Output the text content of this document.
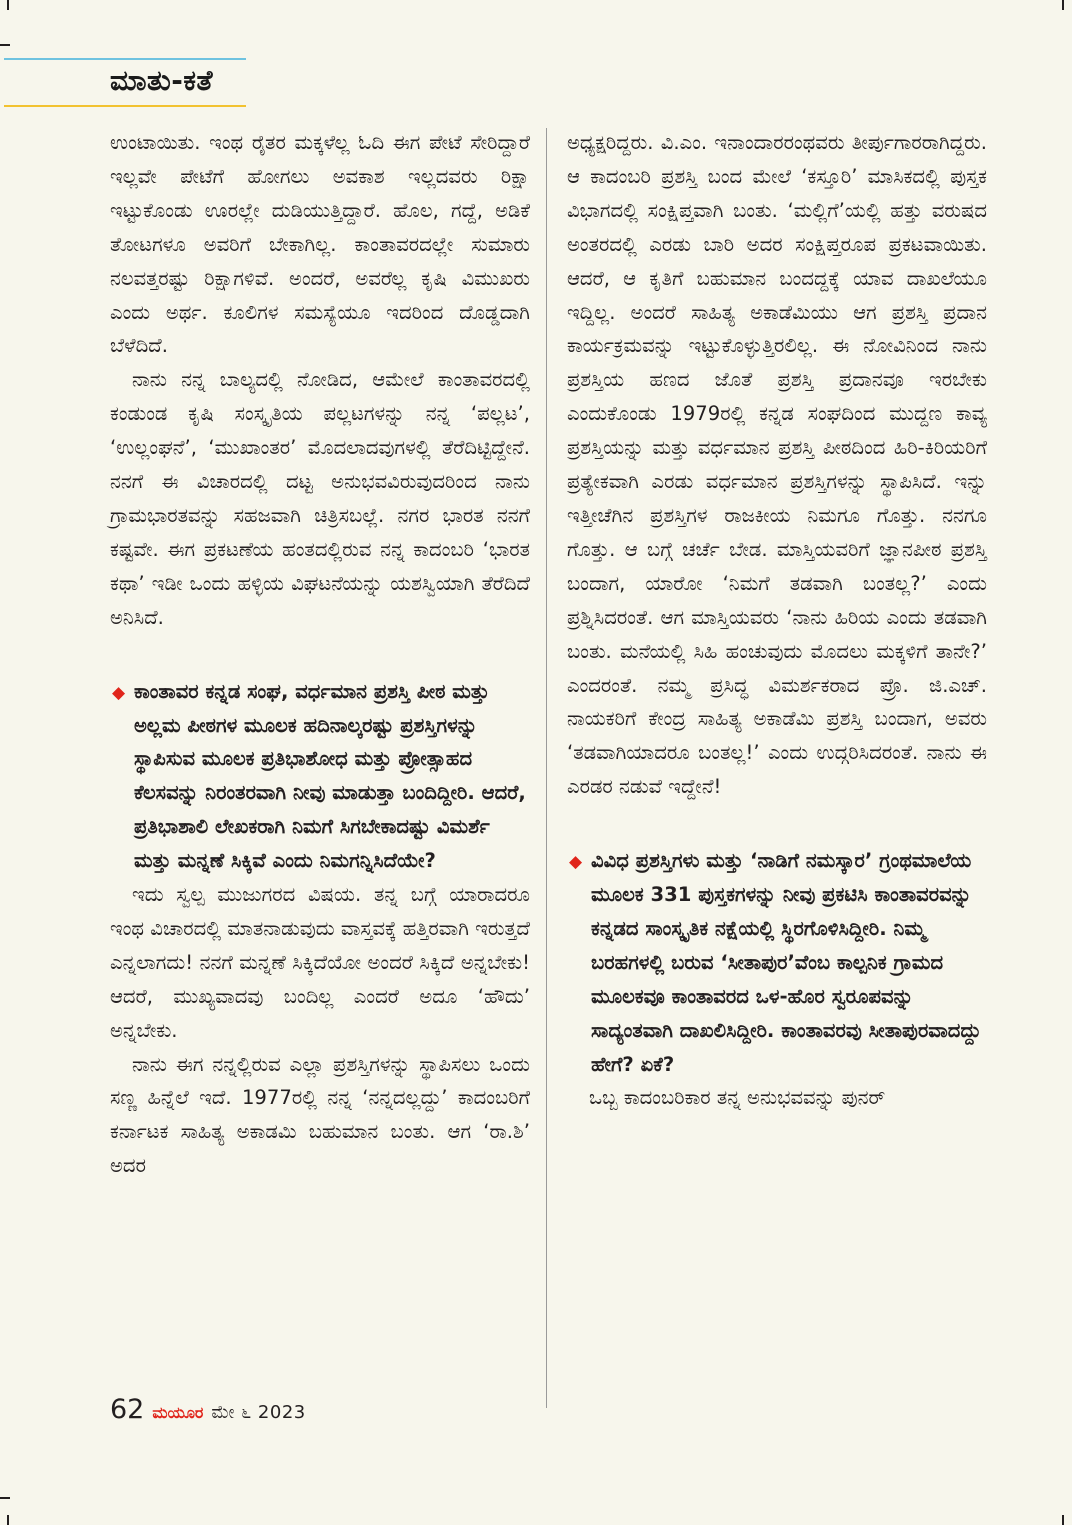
ಮಾತು-ಕತೆ

ಉಂಟಾಯಿತು. ಇಂಥ ರೈತರ ಮಕ್ಕಳೆಲ್ಲ ಓದಿ ಈಗ ಪೇಟೆ ಸೇರಿದ್ದಾರೆ ಇಲ್ಲವೇ ಪೇಟೆಗೆ ಹೋಗಲು ಅವಕಾಶ ಇಲ್ಲದವರು ರಿಕ್ಷಾ ಇಟ್ಟುಕೊಂಡು ಊರಲ್ಲೇ ದುಡಿಯುತ್ತಿದ್ದಾರೆ. ಹೊಲ, ಗದ್ದೆ, ಅಡಿಕೆ ತೋಟಗಳೂ ಅವರಿಗೆ ಬೇಕಾಗಿಲ್ಲ. ಕಾಂತಾವರದಲ್ಲೇ ಸುಮಾರು ನಲವತ್ತರಷ್ಟು ರಿಕ್ಷಾಗಳಿವೆ. ಅಂದರೆ, ಅವರೆಲ್ಲ ಕೃಷಿ ವಿಮುಖರು ಎಂದು ಅರ್ಥ. ಕೂಲಿಗಳ ಸಮಸ್ಯೆಯೂ ಇದರಿಂದ ದೊಡ್ಡದಾಗಿ ಬೆಳೆದಿದೆ.

ನಾನು ನನ್ನ ಬಾಲ್ಯದಲ್ಲಿ ನೋಡಿದ, ಆಮೇಲೆ ಕಾಂತಾವರದಲ್ಲಿ ಕಂಡುಂಡ ಕೃಷಿ ಸಂಸ್ಕೃತಿಯ ಪಲ್ಲಟಗಳನ್ನು ನನ್ನ ‘ಪಲ್ಲಟ’, ‘ಉಲ್ಲಂಘನೆ’, ‘ಮುಖಾಂತರ’ ಮೊದಲಾದವುಗಳಲ್ಲಿ ತೆರೆದಿಟ್ಟಿದ್ದೇನೆ. ನನಗೆ ಈ ವಿಚಾರದಲ್ಲಿ ದಟ್ಟ ಅನುಭವವಿರುವುದರಿಂದ ನಾನು ಗ್ರಾಮಭಾರತವನ್ನು ಸಹಜವಾಗಿ ಚಿತ್ರಿಸಬಲ್ಲೆ. ನಗರ ಭಾರತ ನನಗೆ ಕಷ್ಟವೇ. ಈಗ ಪ್ರಕಟಣೆಯ ಹಂತದಲ್ಲಿರುವ ನನ್ನ ಕಾದಂಬರಿ ‘ಭಾರತ ಕಥಾ’ ಇಡೀ ಒಂದು ಹಳ್ಳಿಯ ವಿಘಟನೆಯನ್ನು ಯಶಸ್ವಿಯಾಗಿ ತೆರೆದಿದೆ ಅನಿಸಿದೆ.

◆ ಕಾಂತಾವರ ಕನ್ನಡ ಸಂಘ, ವರ್ಧಮಾನ ಪ್ರಶಸ್ತಿ ಪೀಠ ಮತ್ತು ಅಲ್ಲಮ ಪೀಠಗಳ ಮೂಲಕ ಹದಿನಾಲ್ಕರಷ್ಟು ಪ್ರಶಸ್ತಿಗಳನ್ನು ಸ್ಥಾಪಿಸುವ ಮೂಲಕ ಪ್ರತಿಭಾಶೋಧ ಮತ್ತು ಪ್ರೋತ್ಸಾಹದ ಕೆಲಸವನ್ನು ನಿರಂತರವಾಗಿ ನೀವು ಮಾಡುತ್ತಾ ಬಂದಿದ್ದೀರಿ. ಆದರೆ, ಪ್ರತಿಭಾಶಾಲಿ ಲೇಖಕರಾಗಿ ನಿಮಗೆ ಸಿಗಬೇಕಾದಷ್ಟು ವಿಮರ್ಶೆ ಮತ್ತು ಮನ್ನಣೆ ಸಿಕ್ಕಿವೆ ಎಂದು ನಿಮಗನ್ನಿಸಿದೆಯೇ?

ಇದು ಸ್ವಲ್ಪ ಮುಜುಗರದ ವಿಷಯ. ತನ್ನ ಬಗ್ಗೆ ಯಾರಾದರೂ ಇಂಥ ವಿಚಾರದಲ್ಲಿ ಮಾತನಾಡುವುದು ವಾಸ್ತವಕ್ಕೆ ಹತ್ತಿರವಾಗಿ ಇರುತ್ತದೆ ಎನ್ನಲಾಗದು! ನನಗೆ ಮನ್ನಣೆ ಸಿಕ್ಕಿದೆಯೋ ಅಂದರೆ ಸಿಕ್ಕಿದೆ ಅನ್ನಬೇಕು! ಆದರೆ, ಮುಖ್ಯವಾದವು ಬಂದಿಲ್ಲ ಎಂದರೆ ಅದೂ ‘ಹೌದು’ ಅನ್ನಬೇಕು.

ನಾನು ಈಗ ನನ್ನಲ್ಲಿರುವ ಎಲ್ಲಾ ಪ್ರಶಸ್ತಿಗಳನ್ನು ಸ್ಥಾಪಿಸಲು ಒಂದು ಸಣ್ಣ ಹಿನ್ನೆಲೆ ಇದೆ. 1977ರಲ್ಲಿ ನನ್ನ ‘ನನ್ನದಲ್ಲದ್ದು’ ಕಾದಂಬರಿಗೆ ಕರ್ನಾಟಕ ಸಾಹಿತ್ಯ ಅಕಾಡಮಿ ಬಹುಮಾನ ಬಂತು. ಆಗ ‘ರಾ.ಶಿ’ ಅದರ

ಅಧ್ಯಕ್ಷರಿದ್ದರು. ವಿ.ಎಂ. ಇನಾಂದಾರರಂಥವರು ತೀರ್ಪುಗಾರರಾಗಿದ್ದರು. ಆ ಕಾದಂಬರಿ ಪ್ರಶಸ್ತಿ ಬಂದ ಮೇಲೆ ‘ಕಸ್ತೂರಿ’ ಮಾಸಿಕದಲ್ಲಿ ಪುಸ್ತಕ ವಿಭಾಗದಲ್ಲಿ ಸಂಕ್ಷಿಪ್ತವಾಗಿ ಬಂತು. ‘ಮಲ್ಲಿಗೆ’ಯಲ್ಲಿ ಹತ್ತು ವರುಷದ ಅಂತರದಲ್ಲಿ ಎರಡು ಬಾರಿ ಅದರ ಸಂಕ್ಷಿಪ್ತರೂಪ ಪ್ರಕಟವಾಯಿತು. ಆದರೆ, ಆ ಕೃತಿಗೆ ಬಹುಮಾನ ಬಂದದ್ದಕ್ಕೆ ಯಾವ ದಾಖಲೆಯೂ ಇದ್ದಿಲ್ಲ. ಅಂದರೆ ಸಾಹಿತ್ಯ ಅಕಾಡೆಮಿಯು ಆಗ ಪ್ರಶಸ್ತಿ ಪ್ರದಾನ ಕಾರ್ಯಕ್ರಮವನ್ನು ಇಟ್ಟುಕೊಳ್ಳುತ್ತಿರಲಿಲ್ಲ. ಈ ನೋವಿನಿಂದ ನಾನು ಪ್ರಶಸ್ತಿಯ ಹಣದ ಜೊತೆ ಪ್ರಶಸ್ತಿ ಪ್ರದಾನವೂ ಇರಬೇಕು ಎಂದುಕೊಂಡು 1979ರಲ್ಲಿ ಕನ್ನಡ ಸಂಘದಿಂದ ಮುದ್ದಣ ಕಾವ್ಯ ಪ್ರಶಸ್ತಿಯನ್ನು ಮತ್ತು ವರ್ಧಮಾನ ಪ್ರಶಸ್ತಿ ಪೀಠದಿಂದ ಹಿರಿ-ಕಿರಿಯರಿಗೆ ಪ್ರತ್ಯೇಕವಾಗಿ ಎರಡು ವರ್ಧಮಾನ ಪ್ರಶಸ್ತಿಗಳನ್ನು ಸ್ಥಾಪಿಸಿದೆ. ಇನ್ನು ಇತ್ತೀಚೆಗಿನ ಪ್ರಶಸ್ತಿಗಳ ರಾಜಕೀಯ ನಿಮಗೂ ಗೊತ್ತು. ನನಗೂ ಗೊತ್ತು. ಆ ಬಗ್ಗೆ ಚರ್ಚೆ ಬೇಡ. ಮಾಸ್ತಿಯವರಿಗೆ ಜ್ಞಾನಪೀಠ ಪ್ರಶಸ್ತಿ ಬಂದಾಗ, ಯಾರೋ ‘ನಿಮಗೆ ತಡವಾಗಿ ಬಂತಲ್ಲ?’ ಎಂದು ಪ್ರಶ್ನಿಸಿದರಂತೆ. ಆಗ ಮಾಸ್ತಿಯವರು ‘ನಾನು ಹಿರಿಯ ಎಂದು ತಡವಾಗಿ ಬಂತು. ಮನೆಯಲ್ಲಿ ಸಿಹಿ ಹಂಚುವುದು ಮೊದಲು ಮಕ್ಕಳಿಗೆ ತಾನೇ?’ ಎಂದರಂತೆ. ನಮ್ಮ ಪ್ರಸಿದ್ಧ ವಿಮರ್ಶಕರಾದ ಪ್ರೊ. ಜಿ.ಎಚ್. ನಾಯಕರಿಗೆ ಕೇಂದ್ರ ಸಾಹಿತ್ಯ ಅಕಾಡೆಮಿ ಪ್ರಶಸ್ತಿ ಬಂದಾಗ, ಅವರು ‘ತಡವಾಗಿಯಾದರೂ ಬಂತಲ್ಲ!’ ಎಂದು ಉದ್ಗರಿಸಿದರಂತೆ. ನಾನು ಈ ಎರಡರ ನಡುವೆ ಇದ್ದೇನೆ!

◆ ವಿವಿಧ ಪ್ರಶಸ್ತಿಗಳು ಮತ್ತು ‘ನಾಡಿಗೆ ನಮಸ್ಕಾರ’ ಗ್ರಂಥಮಾಲೆಯ ಮೂಲಕ 331 ಪುಸ್ತಕಗಳನ್ನು ನೀವು ಪ್ರಕಟಿಸಿ ಕಾಂತಾವರವನ್ನು ಕನ್ನಡದ ಸಾಂಸ್ಕೃತಿಕ ನಕ್ಷೆಯಲ್ಲಿ ಸ್ಥಿರಗೊಳಿಸಿದ್ದೀರಿ. ನಿಮ್ಮ ಬರಹಗಳಲ್ಲಿ ಬರುವ ‘ಸೀತಾಪುರ’ವೆಂಬ ಕಾಲ್ಪನಿಕ ಗ್ರಾಮದ ಮೂಲಕವೂ ಕಾಂತಾವರದ ಒಳ-ಹೊರ ಸ್ವರೂಪವನ್ನು ಸಾದ್ಯಂತವಾಗಿ ದಾಖಲಿಸಿದ್ದೀರಿ. ಕಾಂತಾವರವು ಸೀತಾಪುರವಾದದ್ದು ಹೇಗೆ? ಏಕೆ?

ಒಬ್ಬ ಕಾದಂಬರಿಕಾರ ತನ್ನ ಅನುಭವವನ್ನು ಪುನರ್

62 ಮಯೂರ ಮೇ ೬ 2023
